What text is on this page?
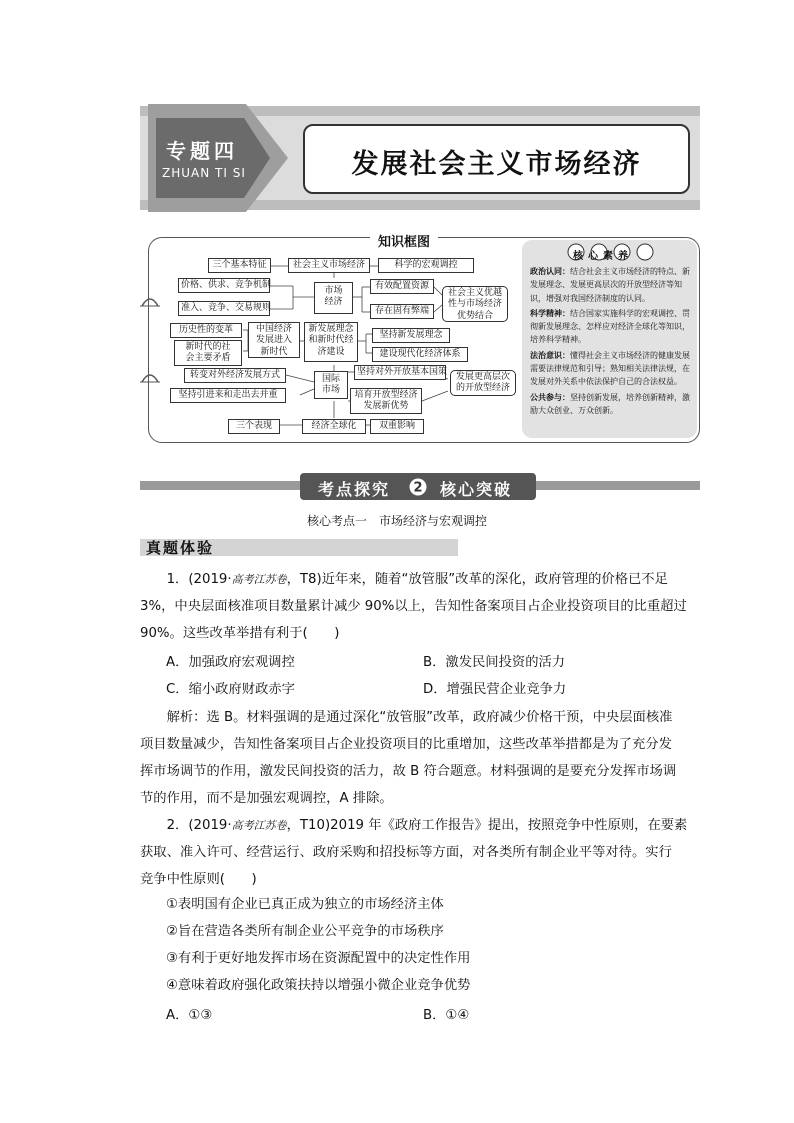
专题四
ZHUAN TI SI	发展社会主义市场经济
知识框图
三个基本特征	社会主义市场经济	科学的宏观调控
价格、供求、竞争机制
准入、竞争、交易规则
市场
经济
有效配置资源
存在固有弊端
社会主义优越
性与市场经济
优势结合
历史性的变革
新时代的社
会主要矛盾
中国经济
发展进入
新时代
新发展理念
和新时代经
济建设
坚持新发展理念
建设现代化经济体系
转变对外经济发展方式	国际
市场
坚持对外开放基本国策 发展更高层次
的开放型经济
坚持引进来和走出去并重	培育开放型经济
发展新优势
三个表现	经济全球化	双重影响
核心素养
政治认同：结合社会主义市场经济的特点、新发展理念、发展更高层次的开放型经济等知识，增强对我国经济制度的认同。
科学精神：结合国家实施科学的宏观调控、贯彻新发展理念、怎样应对经济全球化等知识，培养科学精神。
法治意识：懂得社会主义市场经济的健康发展需要法律规范和引导；熟知相关法律法规，在发展对外关系中依法保护自己的合法权益。
公共参与：坚持创新发展，培养创新精神，激励大众创业、万众创新。
考点探究 2 核心突破
核心考点一　市场经济与宏观调控
真题体验
1．(2019·高考江苏卷，T8)近年来，随着“放管服”改革的深化，政府管理的价格已不足
3%，中央层面核准项目数量累计减少 90%以上，告知性备案项目占企业投资项目的比重超过
90%。这些改革举措有利于(　　)
A．加强政府宏观调控	B．激发民间投资的活力
C．缩小政府财政赤字	D．增强民营企业竞争力
解析：选 B。材料强调的是通过深化“放管服”改革，政府减少价格干预，中央层面核准
项目数量减少，告知性备案项目占企业投资项目的比重增加，这些改革举措都是为了充分发
挥市场调节的作用，激发民间投资的活力，故 B 符合题意。材料强调的是要充分发挥市场调
节的作用，而不是加强宏观调控，A 排除。
2．(2019·高考江苏卷，T10)2019 年《政府工作报告》提出，按照竞争中性原则，在要素
获取、准入许可、经营运行、政府采购和招投标等方面，对各类所有制企业平等对待。实行
竞争中性原则(　　)
①表明国有企业已真正成为独立的市场经济主体
②旨在营造各类所有制企业公平竞争的市场秩序
③有利于更好地发挥市场在资源配置中的决定性作用
④意味着政府强化政策扶持以增强小微企业竞争优势
A．①③	B．①④
